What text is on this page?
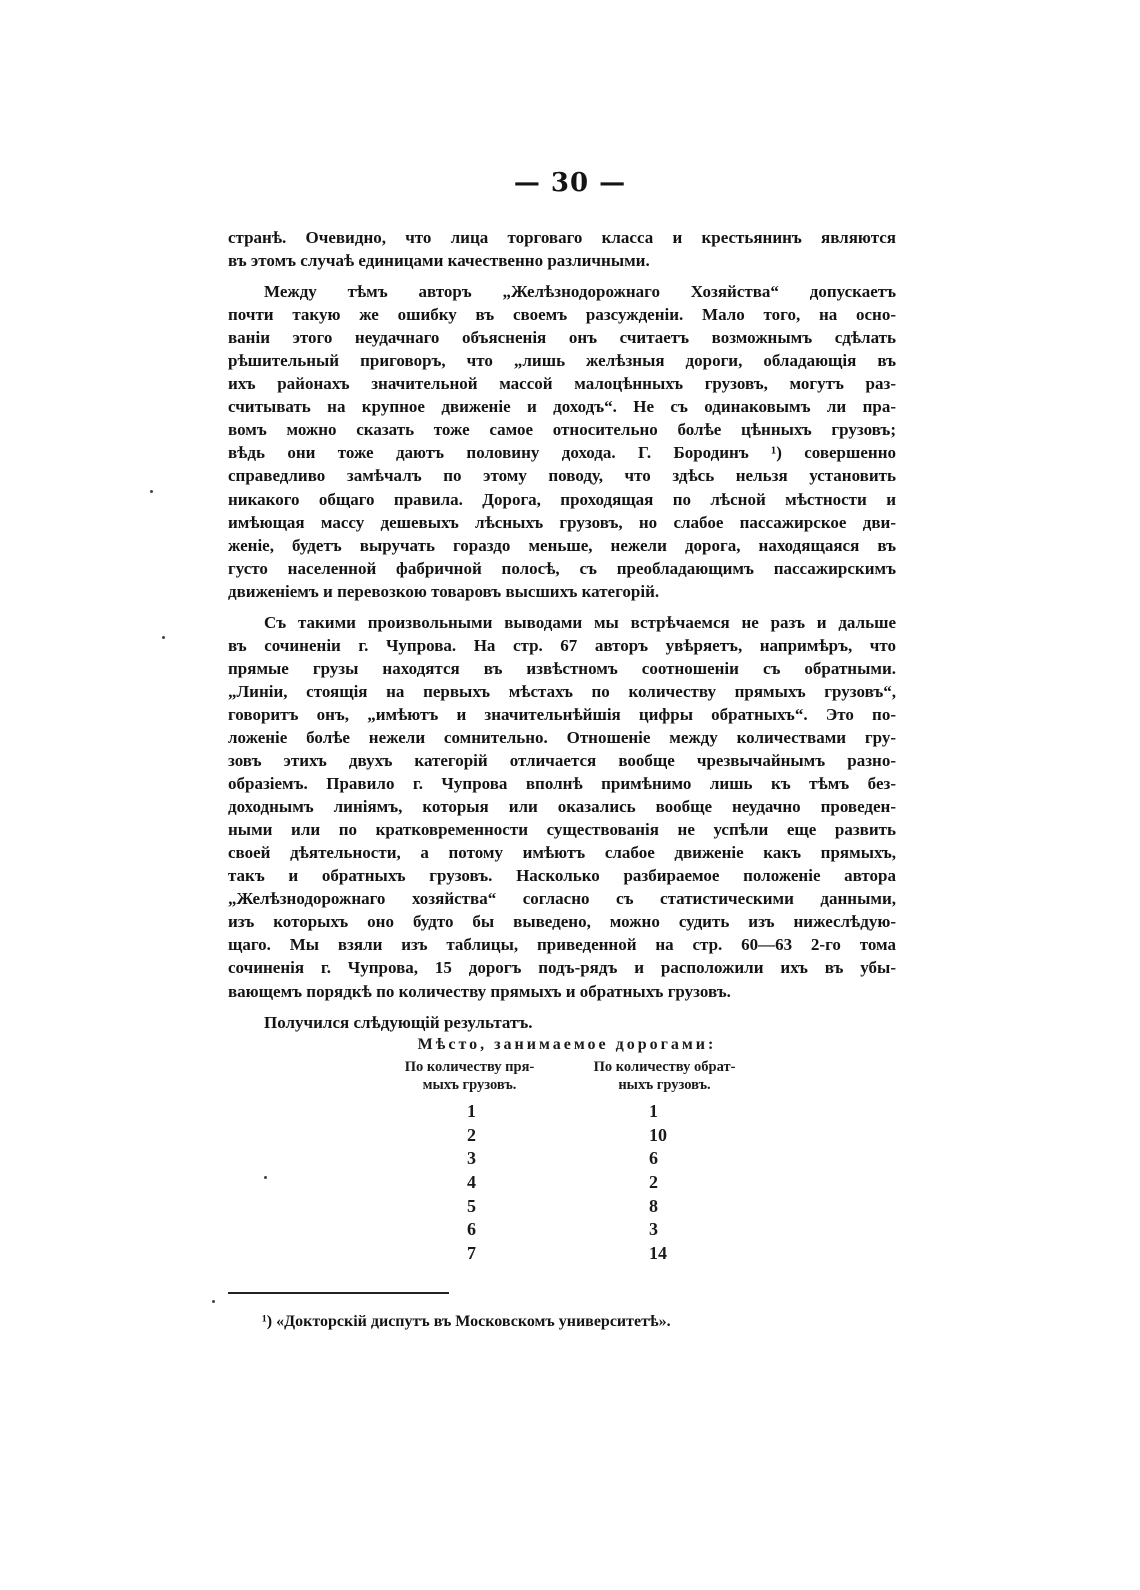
— 30 —
странѣ. Очевидно, что лица торговаго класса и крестьянинъ являются
въ этомъ случаѣ единицами качественно различными.
Между тѣмъ авторъ „Желѣзнодорожнаго Хозяйства“ допускаетъ
почти такую же ошибку въ своемъ разсужденіи. Мало того, на осно-
ваніи этого неудачнаго объясненія онъ считаетъ возможнымъ сдѣлать
рѣшительный приговоръ, что „лишь желѣзныя дороги, обладающія въ
ихъ районахъ значительной массой малоцѣнныхъ грузовъ, могутъ раз-
считывать на крупное движеніе и доходъ“. Не съ одинаковымъ ли пра-
вомъ можно сказать тоже самое относительно болѣе цѣнныхъ грузовъ;
вѣдь они тоже даютъ половину дохода. Г. Бородинъ ¹) совершенно
справедливо замѣчалъ по этому поводу, что здѣсь нельзя установить
никакого общаго правила. Дорога, проходящая по лѣсной мѣстности и
имѣющая массу дешевыхъ лѣсныхъ грузовъ, но слабое пассажирское дви-
женіе, будетъ выручать гораздо меньше, нежели дорога, находящаяся въ
густо населенной фабричной полосѣ, съ преобладающимъ пассажирскимъ
движеніемъ и перевозкою товаровъ высшихъ категорій.
Съ такими произвольными выводами мы встрѣчаемся не разъ и дальше
въ сочиненіи г. Чупрова. На стр. 67 авторъ увѣряетъ, напримѣръ, что
прямые грузы находятся въ извѣстномъ соотношеніи съ обратными.
„Линіи, стоящія на первыхъ мѣстахъ по количеству прямыхъ грузовъ“,
говоритъ онъ, „имѣютъ и значительнѣйшія цифры обратныхъ“. Это по-
ложеніе болѣе нежели сомнительно. Отношеніе между количествами гру-
зовъ этихъ двухъ категорій отличается вообще чрезвычайнымъ разно-
образіемъ. Правило г. Чупрова вполнѣ примѣнимо лишь къ тѣмъ без-
доходнымъ линіямъ, которыя или оказались вообще неудачно проведен-
ными или по кратковременности существованія не успѣли еще развить
своей дѣятельности, а потому имѣютъ слабое движеніе какъ прямыхъ,
такъ и обратныхъ грузовъ. Насколько разбираемое положеніе автора
„Желѣзнодорожнаго хозяйства“ согласно съ статистическими данными,
изъ которыхъ оно будто бы выведено, можно судить изъ нижеслѣдую-
щаго. Мы взяли изъ таблицы, приведенной на стр. 60—63 2-го тома
сочиненія г. Чупрова, 15 дорогъ подъ-рядъ и расположили ихъ въ убы-
вающемъ порядкѣ по количеству прямыхъ и обратныхъ грузовъ.
Получился слѣдующій результатъ.
Мѣсто, занимаемое дорогами:
По количеству пря-
мыхъ грузовъ.
По количеству обрат-
ныхъ грузовъ.
1	1
2	10
3	6
4	2
5	8
6	3
7	14
¹) «Докторскій диспутъ въ Московскомъ университетѣ».
